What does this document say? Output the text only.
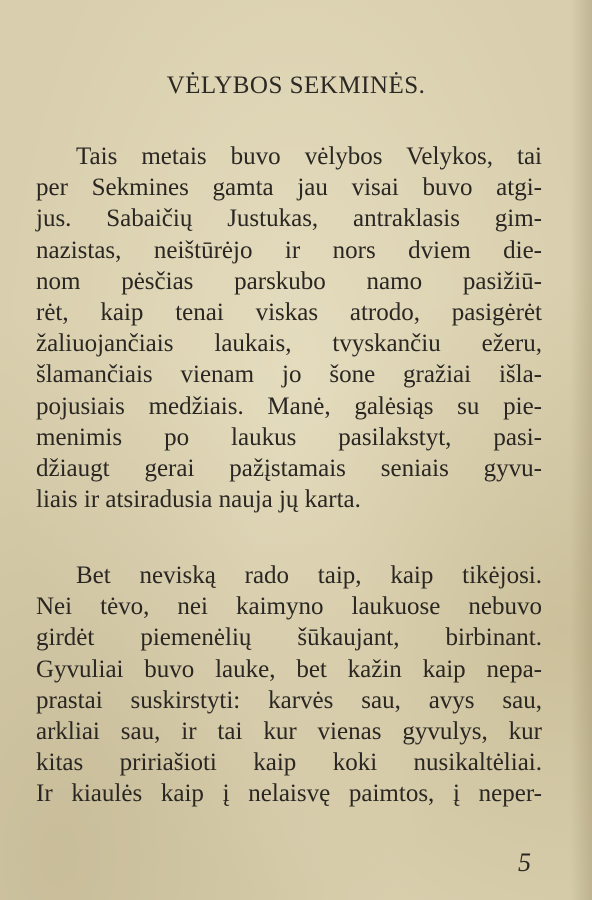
VĖLYBOS SEKMINĖS.

Tais metais buvo vėlybos Velykos, tai
per Sekmines gamta jau visai buvo atgi-
jus. Sabaičių Justukas, antraklasis gim-
nazistas, neištūrėjo ir nors dviem die-
nom pėsčias parskubo namo pasižiū-
rėt, kaip tenai viskas atrodo, pasigėrėt
žaliuojančiais laukais, tvyskančiu ežeru,
šlamančiais vienam jo šone gražiai išla-
pojusiais medžiais. Manė, galėsiąs su pie-
menimis po laukus pasilakstyt, pasi-
džiaugt gerai pažįstamais seniais gyvu-
liais ir atsiradusia nauja jų karta.

Bet neviską rado taip, kaip tikėjosi.
Nei tėvo, nei kaimyno laukuose nebuvo
girdėt piemenėlių šūkaujant, birbinant.
Gyvuliai buvo lauke, bet kažin kaip nepa-
prastai suskirstyti: karvės sau, avys sau,
arkliai sau, ir tai kur vienas gyvulys, kur
kitas pririašioti kaip koki nusikaltėliai.
Ir kiaulės kaip į nelaisvę paimtos, į neper-

5
